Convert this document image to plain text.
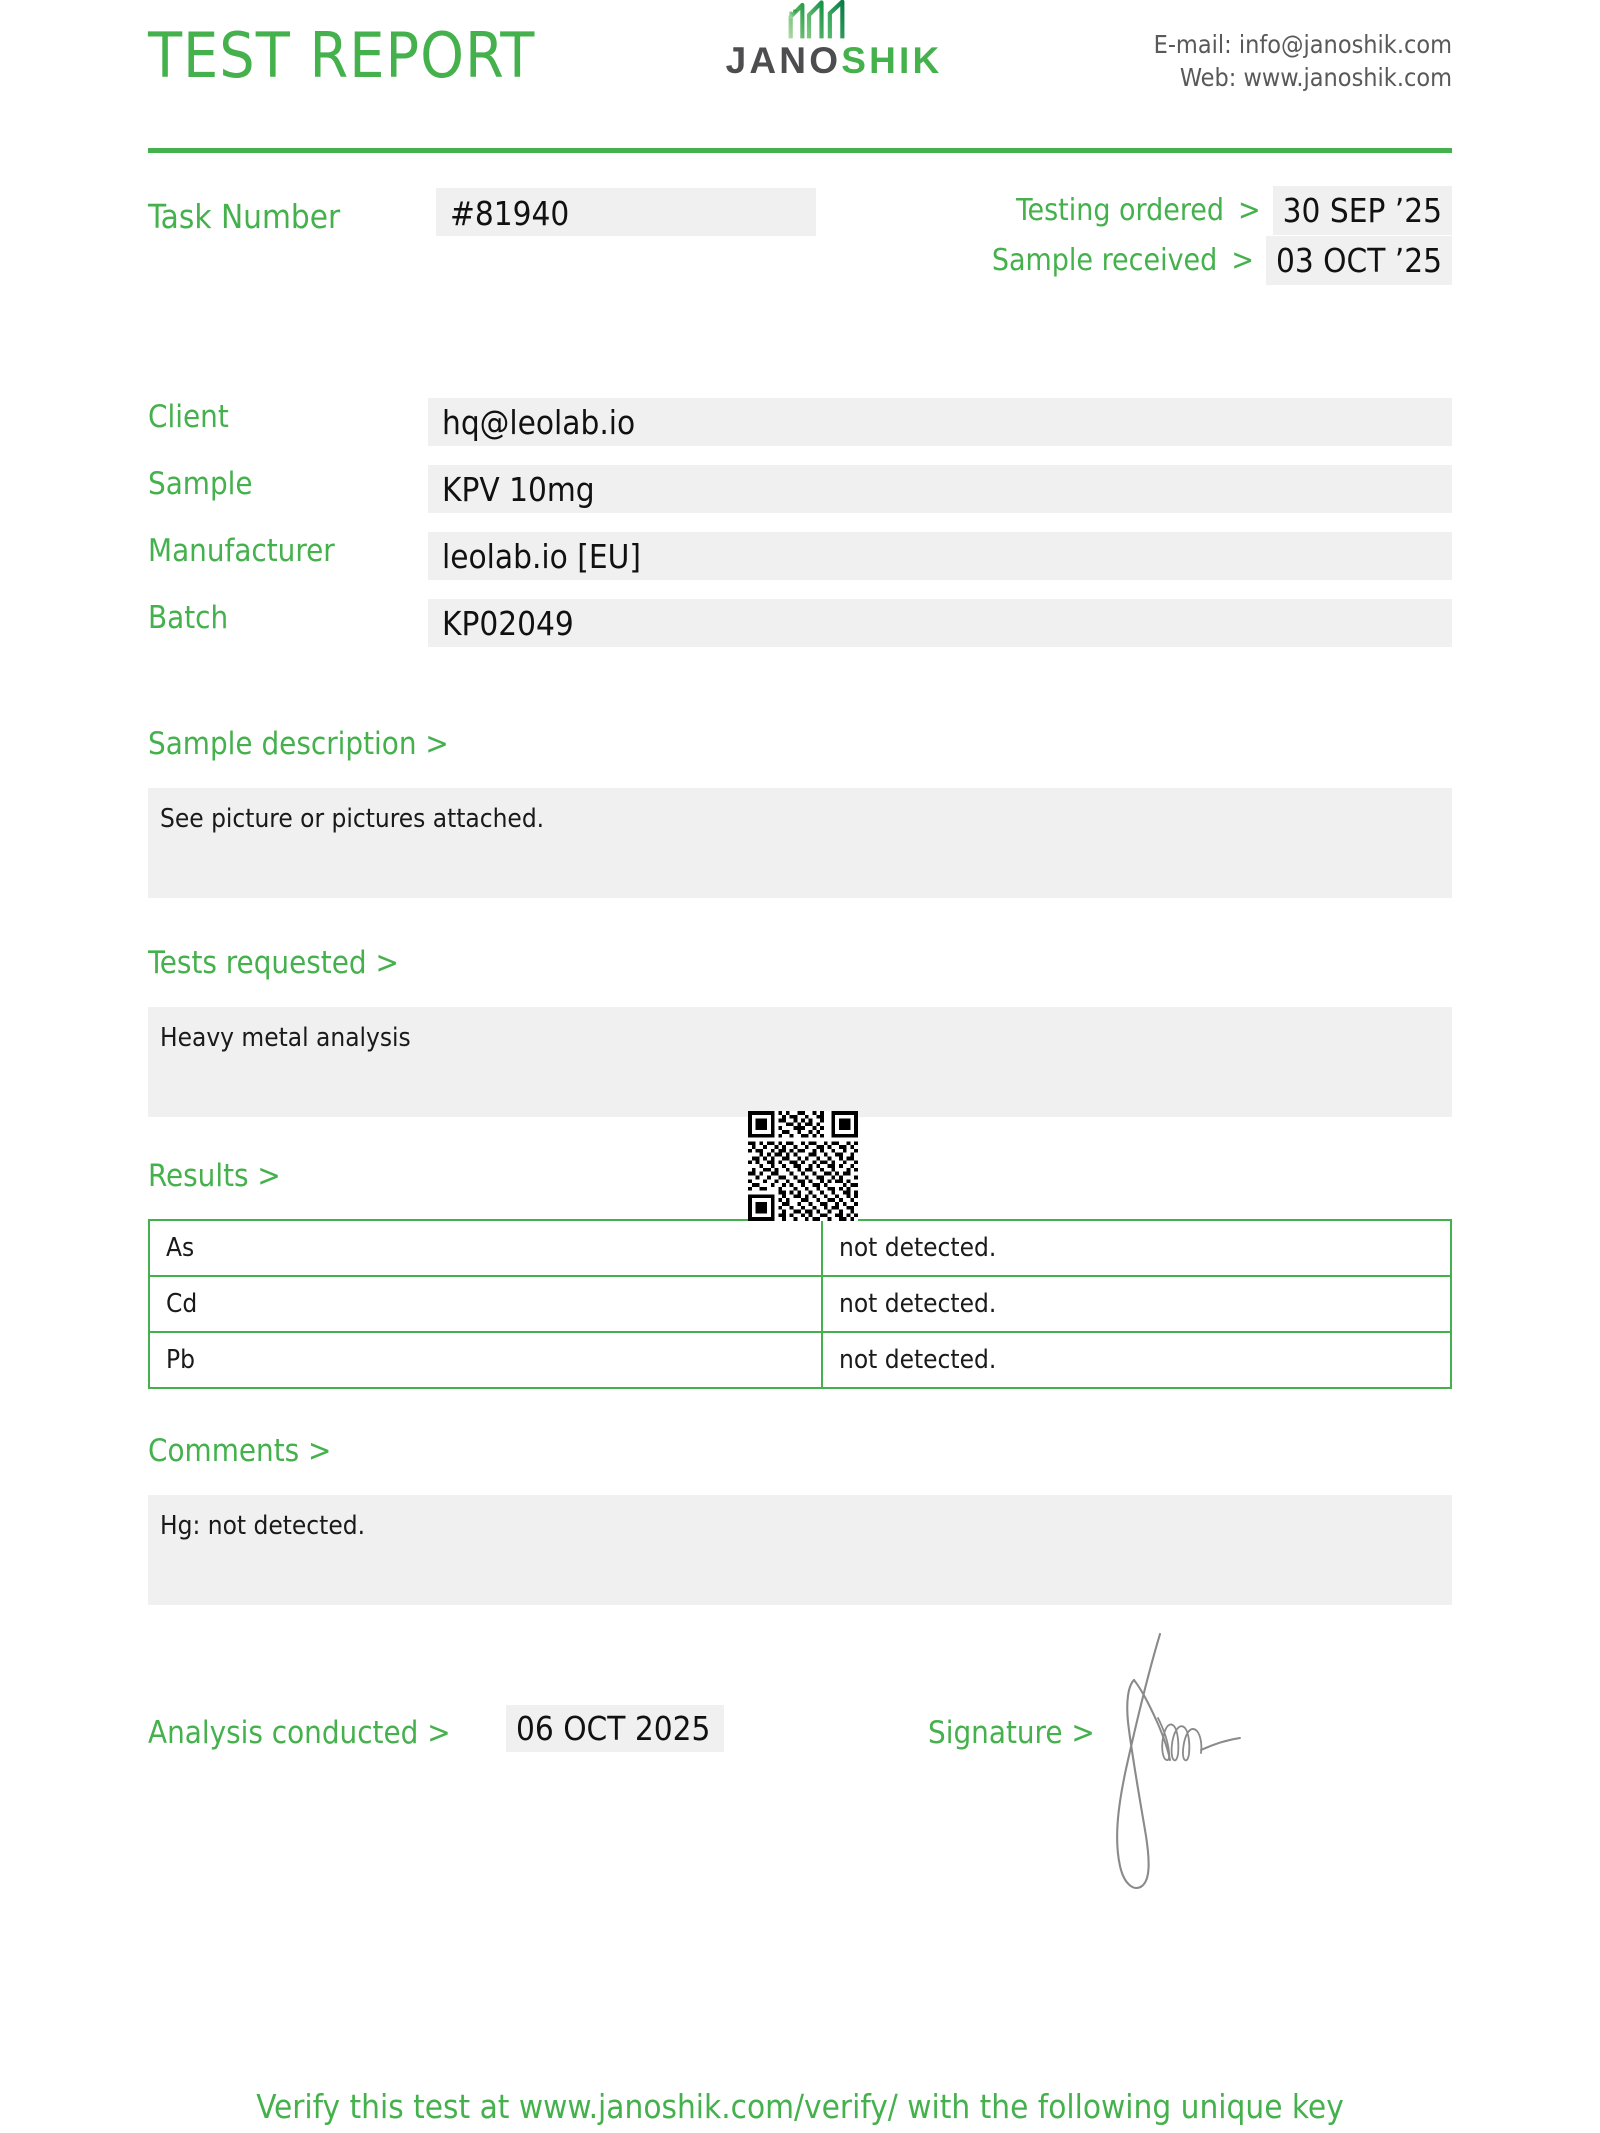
TEST REPORT	JANOSHIK	E-mail: info@janoshik.com
Web: www.janoshik.com
Task Number	#81940	Testing ordered > 30 SEP ’25
Sample received > 03 OCT ’25
Client	hq@leolab.io
Sample	KPV 10mg
Manufacturer	leolab.io [EU]
Batch	KP02049
Sample description >
See picture or pictures attached.
Tests requested >
Heavy metal analysis
Results >
As	not detected.
Cd	not detected.
Pb	not detected.
Comments >
Hg: not detected.
Analysis conducted >	06 OCT 2025	Signature >
Verify this test at www.janoshik.com/verify/ with the following unique key
